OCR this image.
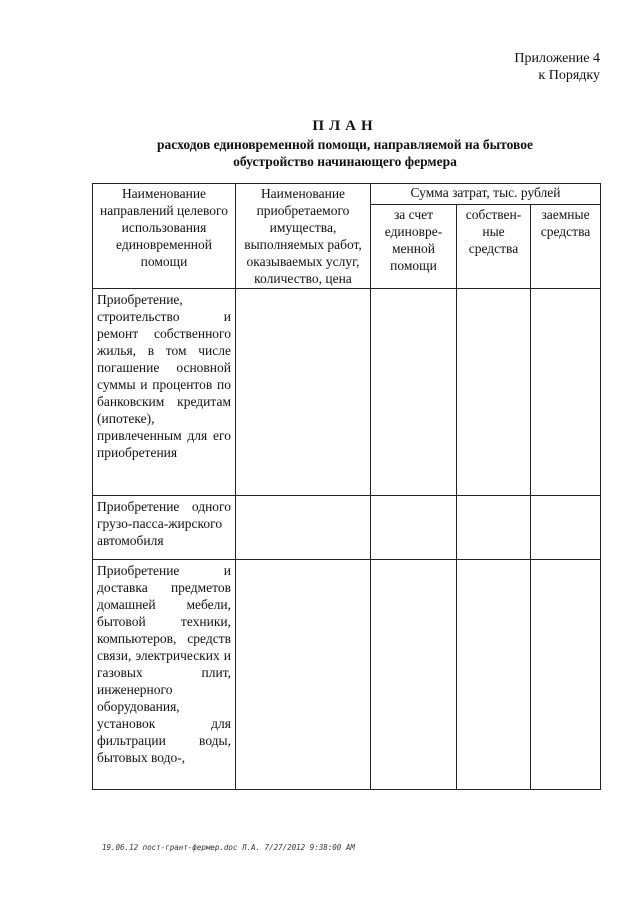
Приложение 4
к Порядку
ПЛАН
расходов единовременной помощи, направляемой на бытовое
обустройство начинающего фермера
Наименование направлений целевого использования единовременной помощи	Наименование приобретаемого имущества, выполняемых работ, оказываемых услуг, количество, цена	Сумма затрат, тыс. рублей		

		за счет единовре-менной помощи	собствен-ные средства	заемные средства

Приобретение, строительство и ремонт собственного жилья, в том числе погашение основной суммы и процентов по банковским кредитам (ипотеке), привлеченным для его приобретения				

Приобретение одного грузо-пасса-жирского автомобиля				

Приобретение и доставка предметов домашней мебели, бытовой техники, компьютеров, средств связи, электрических и газовых плит, инженерного оборудования, установок для фильтрации воды, бытовых водо-,				

19.06.12 пост-грант-фермер.doc Л.А. 7/27/2012 9:38:00 AM
